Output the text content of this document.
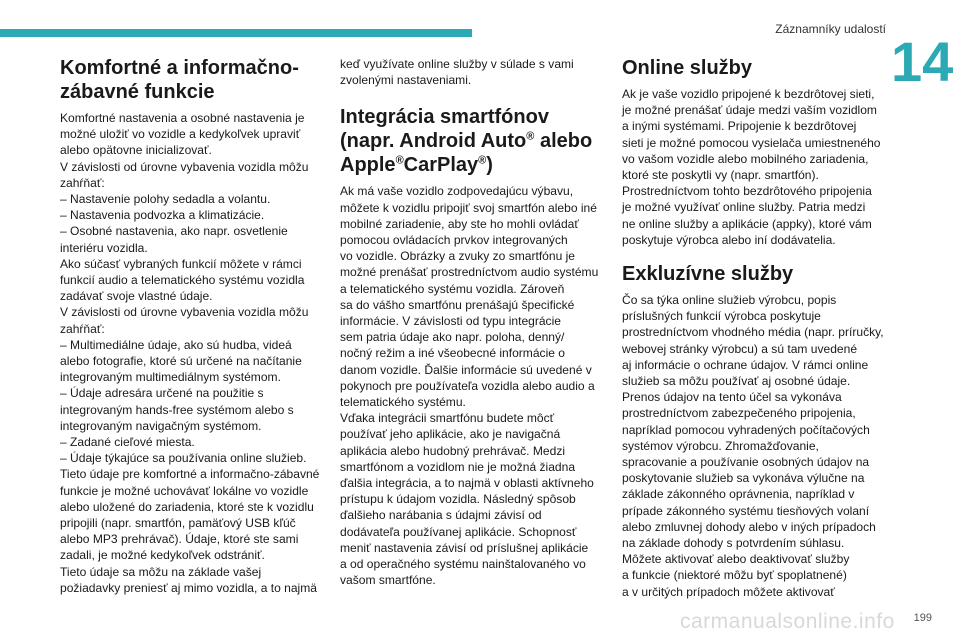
Záznamníky udalostí
14
Komfortné a informačno-zábavné funkcie

Komfortné nastavenia a osobné nastavenia je

možné uložiť vo vozidle a kedykoľvek upraviť

alebo opätovne inicializovať.

V závislosti od úrovne vybavenia vozidla môžu

zahŕňať:

– Nastavenie polohy sedadla a volantu.

– Nastavenia podvozka a klimatizácie.

– Osobné nastavenia, ako napr. osvetlenie

interiéru vozidla.

Ako súčasť vybraných funkcií môžete v rámci

funkcií audio a telematického systému vozidla

zadávať svoje vlastné údaje.

V závislosti od úrovne vybavenia vozidla môžu

zahŕňať:

– Multimediálne údaje, ako sú hudba, videá

alebo fotografie, ktoré sú určené na načítanie

integrovaným multimediálnym systémom.

– Údaje adresára určené na použitie s

integrovaným hands-free systémom alebo s

integrovaným navigačným systémom.

– Zadané cieľové miesta.

– Údaje týkajúce sa používania online služieb.

Tieto údaje pre komfortné a informačno-zábavné

funkcie je možné uchovávať lokálne vo vozidle

alebo uložené do zariadenia, ktoré ste k vozidlu

pripojili (napr. smartfón, pamäťový USB kľúč

alebo MP3 prehrávač). Údaje, ktoré ste sami

zadali, je možné kedykoľvek odstrániť.

Tieto údaje sa môžu na základe vašej

požiadavky preniesť aj mimo vozidla, a to najmä

keď využívate online služby v súlade s vami

zvolenými nastaveniami.

Integrácia smartfónov (napr. Android Auto® alebo Apple®CarPlay®)

Ak má vaše vozidlo zodpovedajúcu výbavu,

môžete k vozidlu pripojiť svoj smartfón alebo iné

mobilné zariadenie, aby ste ho mohli ovládať

pomocou ovládacích prvkov integrovaných

vo vozidle. Obrázky a zvuky zo smartfónu je

možné prenášať prostredníctvom audio systému

a telematického systému vozidla. Zároveň

sa do vášho smartfónu prenášajú špecifické

informácie. V závislosti od typu integrácie

sem patria údaje ako napr. poloha, denný/

nočný režim a iné všeobecné informácie o

danom vozidle. Ďalšie informácie sú uvedené v

pokynoch pre používateľa vozidla alebo audio a

telematického systému.

Vďaka integrácii smartfónu budete môcť

používať jeho aplikácie, ako je navigačná

aplikácia alebo hudobný prehrávač. Medzi

smartfónom a vozidlom nie je možná žiadna

ďalšia integrácia, a to najmä v oblasti aktívneho

prístupu k údajom vozidla. Následný spôsob

ďalšieho narábania s údajmi závisí od

dodávateľa používanej aplikácie. Schopnosť

meniť nastavenia závisí od príslušnej aplikácie

a od operačného systému nainštalovaného vo

vašom smartfóne.

Online služby

Ak je vaše vozidlo pripojené k bezdrôtovej sieti,

je možné prenášať údaje medzi vaším vozidlom

a inými systémami. Pripojenie k bezdrôtovej

sieti je možné pomocou vysielača umiestneného

vo vašom vozidle alebo mobilného zariadenia,

ktoré ste poskytli vy (napr. smartfón).

Prostredníctvom tohto bezdrôtového pripojenia

je možné využívať online služby. Patria medzi

ne online služby a aplikácie (appky), ktoré vám

poskytuje výrobca alebo iní dodávatelia.

Exkluzívne služby

Čo sa týka online služieb výrobcu, popis

príslušných funkcií výrobca poskytuje

prostredníctvom vhodného média (napr. príručky,

webovej stránky výrobcu) a sú tam uvedené

aj informácie o ochrane údajov. V rámci online

služieb sa môžu používať aj osobné údaje.

Prenos údajov na tento účel sa vykonáva

prostredníctvom zabezpečeného pripojenia,

napríklad pomocou vyhradených počítačových

systémov výrobcu. Zhromažďovanie,

spracovanie a používanie osobných údajov na

poskytovanie služieb sa vykonáva výlučne na

základe zákonného oprávnenia, napríklad v

prípade zákonného systému tiesňových volaní

alebo zmluvnej dohody alebo v iných prípadoch

na základe dohody s potvrdením súhlasu.

Môžete aktivovať alebo deaktivovať služby

a funkcie (niektoré môžu byť spoplatnené)

a v určitých prípadoch môžete aktivovať

carmanualsonline.info 199
